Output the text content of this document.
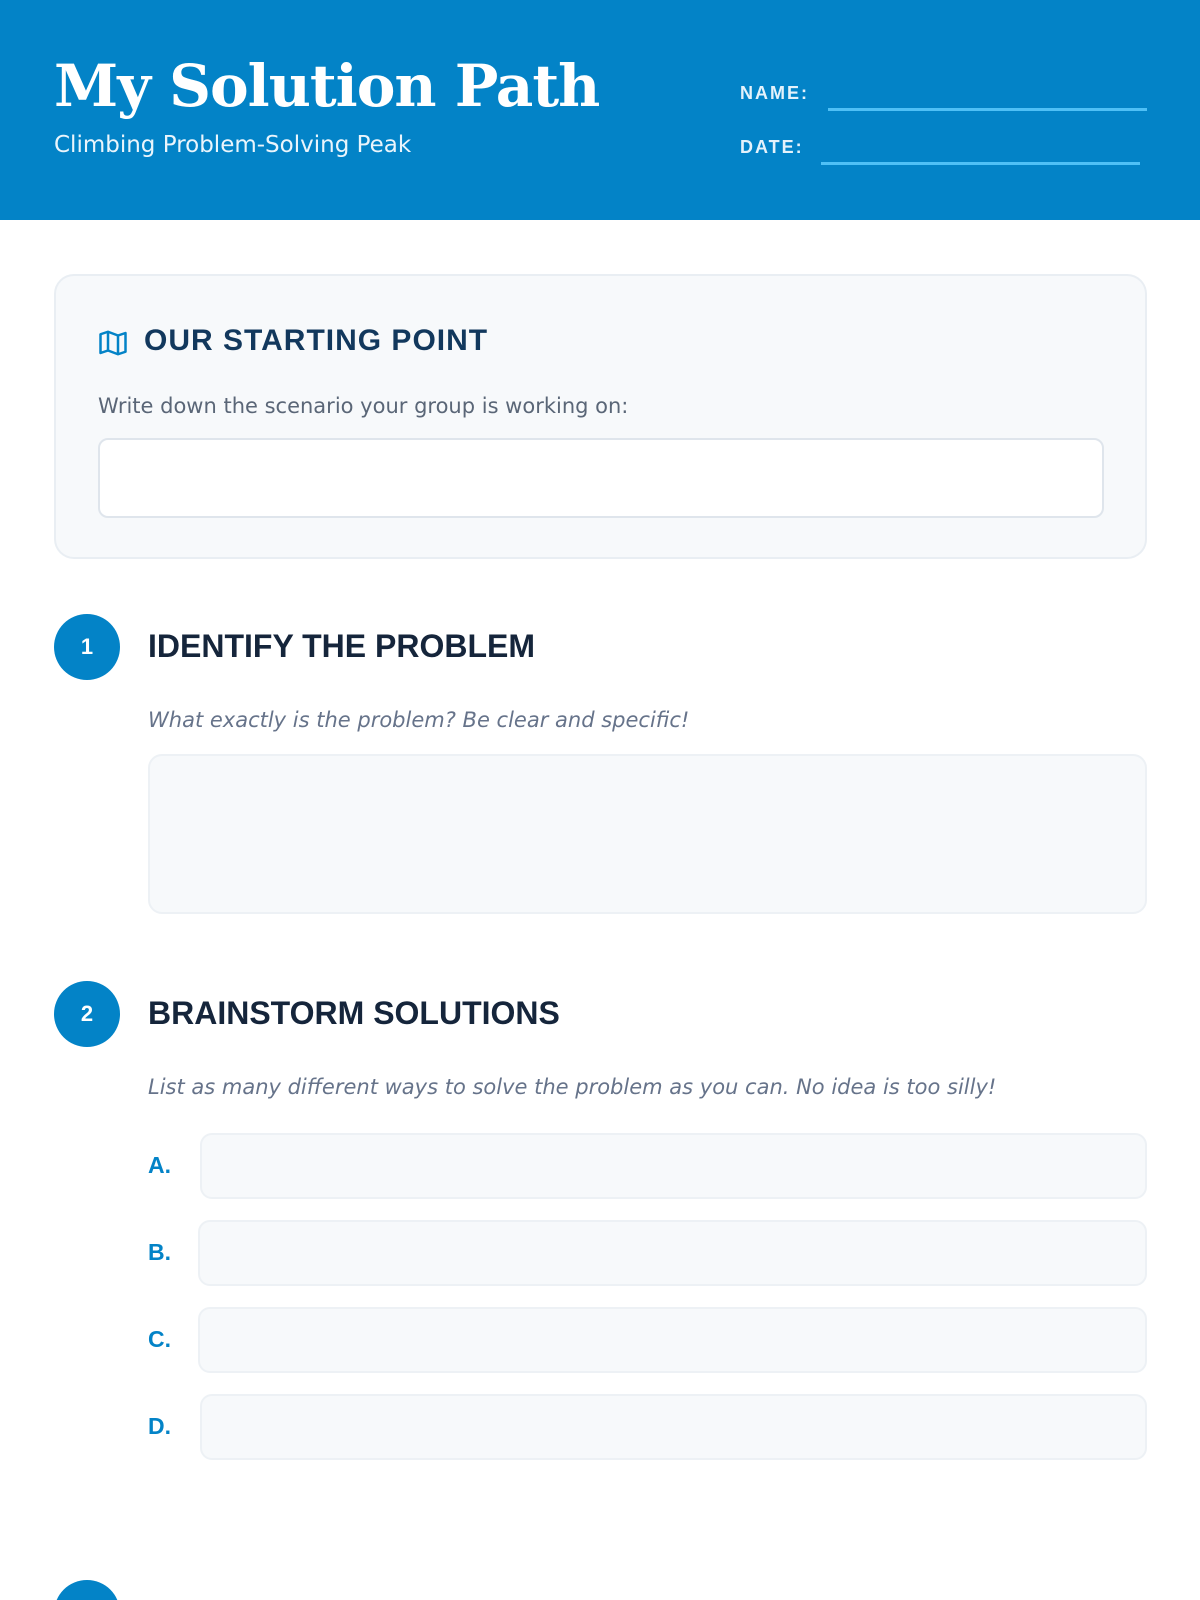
My Solution Path
Climbing Problem-Solving Peak
NAME:
DATE:
OUR STARTING POINT
Write down the scenario your group is working on:
1	IDENTIFY THE PROBLEM
What exactly is the problem? Be clear and specific!
2	BRAINSTORM SOLUTIONS
List as many different ways to solve the problem as you can. No idea is too silly!
A.
B.
C.
D.
